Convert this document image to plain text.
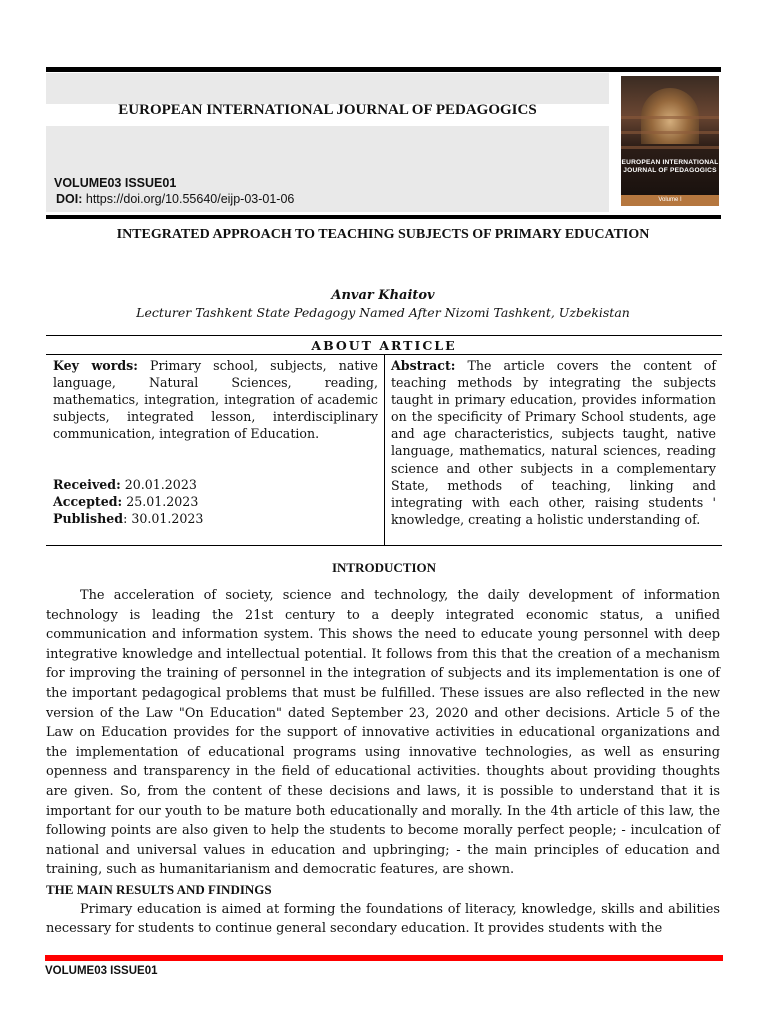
EUROPEAN INTERNATIONAL JOURNAL OF PEDAGOGICS
VOLUME03 ISSUE01
DOI: https://doi.org/10.55640/eijp-03-01-06
EUROPEAN INTERNATIONAL JOURNAL OF PEDAGOGICS
Volume I
INTEGRATED APPROACH TO TEACHING SUBJECTS OF PRIMARY EDUCATION
Anvar Khaitov
Lecturer Tashkent State Pedagogy Named After Nizomi Tashkent, Uzbekistan
ABOUT ARTICLE
Key words: Primary school, subjects, native language, Natural Sciences, reading, mathematics, integration, integration of academic subjects, integrated lesson, interdisciplinary communication, integration of Education.
Received: 20.01.2023
Accepted: 25.01.2023
Published: 30.01.2023
Abstract: The article covers the content of teaching methods by integrating the subjects taught in primary education, provides information on the specificity of Primary School students, age and age characteristics, subjects taught, native language, mathematics, natural sciences, reading science and other subjects in a complementary State, methods of teaching, linking and integrating with each other, raising students ' knowledge, creating a holistic understanding of.
INTRODUCTION

The acceleration of society, science and technology, the daily development of information technology is leading the 21st century to a deeply integrated economic status, a unified communication and information system. This shows the need to educate young personnel with deep integrative knowledge and intellectual potential. It follows from this that the creation of a mechanism for improving the training of personnel in the integration of subjects and its implementation is one of the important pedagogical problems that must be fulfilled. These issues are also reflected in the new version of the Law "On Education" dated September 23, 2020 and other decisions. Article 5 of the Law on Education provides for the support of innovative activities in educational organizations and the implementation of educational programs using innovative technologies, as well as ensuring openness and transparency in the field of educational activities. thoughts about providing thoughts are given. So, from the content of these decisions and laws, it is possible to understand that it is important for our youth to be mature both educationally and morally. In the 4th article of this law, the following points are also given to help the students to become morally perfect people; - inculcation of national and universal values in education and upbringing; - the main principles of education and training, such as humanitarianism and democratic features, are shown.

THE MAIN RESULTS AND FINDINGS

Primary education is aimed at forming the foundations of literacy, knowledge, skills and abilities necessary for students to continue general secondary education. It provides students with the

VOLUME03 ISSUE01
